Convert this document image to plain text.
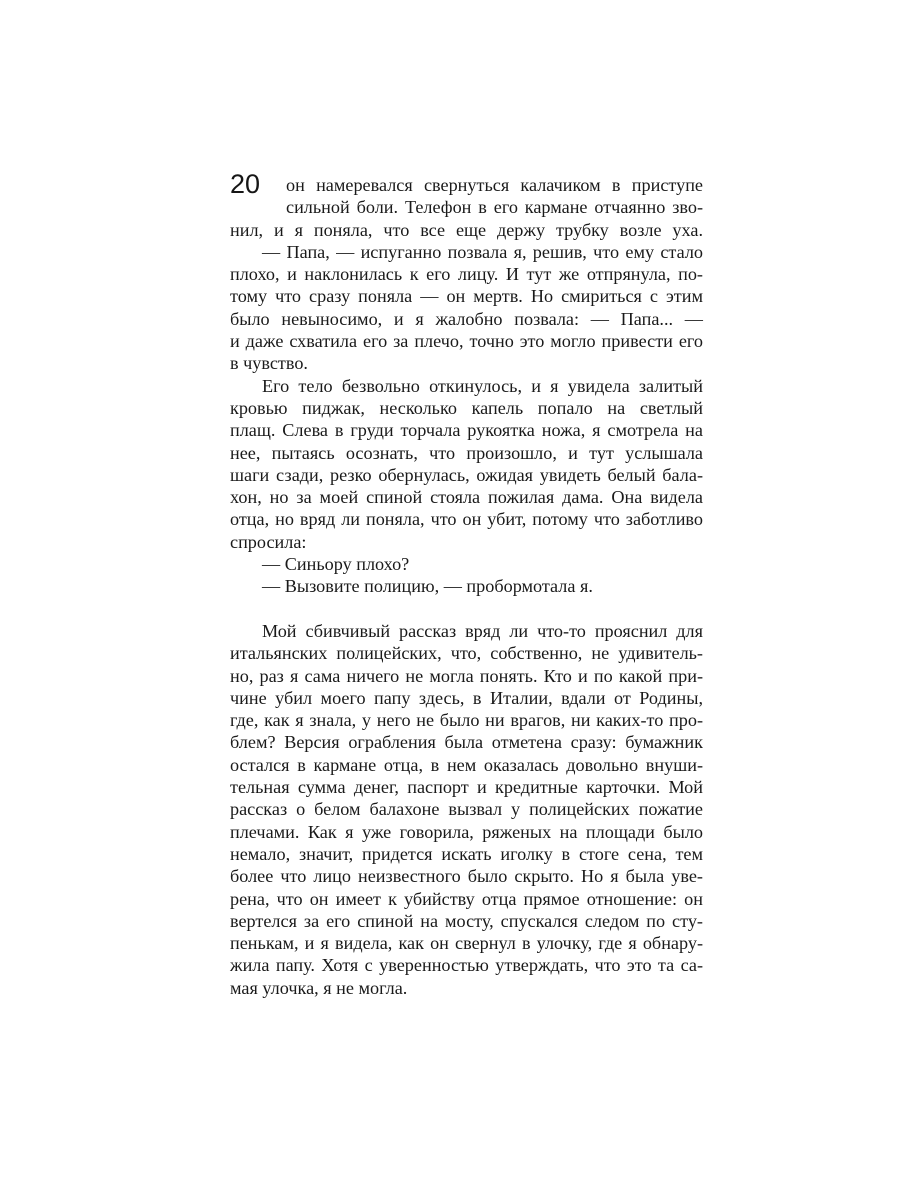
20	он намеревался свернуться калачиком в приступе
сильной боли. Телефон в его кармане отчаянно зво-
нил, и я поняла, что все еще держу трубку возле уха.
— Папа, — испуганно позвала я, решив, что ему стало
плохо, и наклонилась к его лицу. И тут же отпрянула, по-
тому что сразу поняла — он мертв. Но смириться с этим
было невыносимо, и я жалобно позвала: — Папа... —
и даже схватила его за плечо, точно это могло привести его
в чувство.
Его тело безвольно откинулось, и я увидела залитый
кровью пиджак, несколько капель попало на светлый
плащ. Слева в груди торчала рукоятка ножа, я смотрела на
нее, пытаясь осознать, что произошло, и тут услышала
шаги сзади, резко обернулась, ожидая увидеть белый бала-
хон, но за моей спиной стояла пожилая дама. Она видела
отца, но вряд ли поняла, что он убит, потому что заботливо
спросила:
— Синьору плохо?
— Вызовите полицию, — пробормотала я.
Мой сбивчивый рассказ вряд ли что-то прояснил для
итальянских полицейских, что, собственно, не удивитель-
но, раз я сама ничего не могла понять. Кто и по какой при-
чине убил моего папу здесь, в Италии, вдали от Родины,
где, как я знала, у него не было ни врагов, ни каких-то про-
блем? Версия ограбления была отметена сразу: бумажник
остался в кармане отца, в нем оказалась довольно внуши-
тельная сумма денег, паспорт и кредитные карточки. Мой
рассказ о белом балахоне вызвал у полицейских пожатие
плечами. Как я уже говорила, ряженых на площади было
немало, значит, придется искать иголку в стоге сена, тем
более что лицо неизвестного было скрыто. Но я была уве-
рена, что он имеет к убийству отца прямое отношение: он
вертелся за его спиной на мосту, спускался следом по сту-
пенькам, и я видела, как он свернул в улочку, где я обнару-
жила папу. Хотя с уверенностью утверждать, что это та са-
мая улочка, я не могла.
